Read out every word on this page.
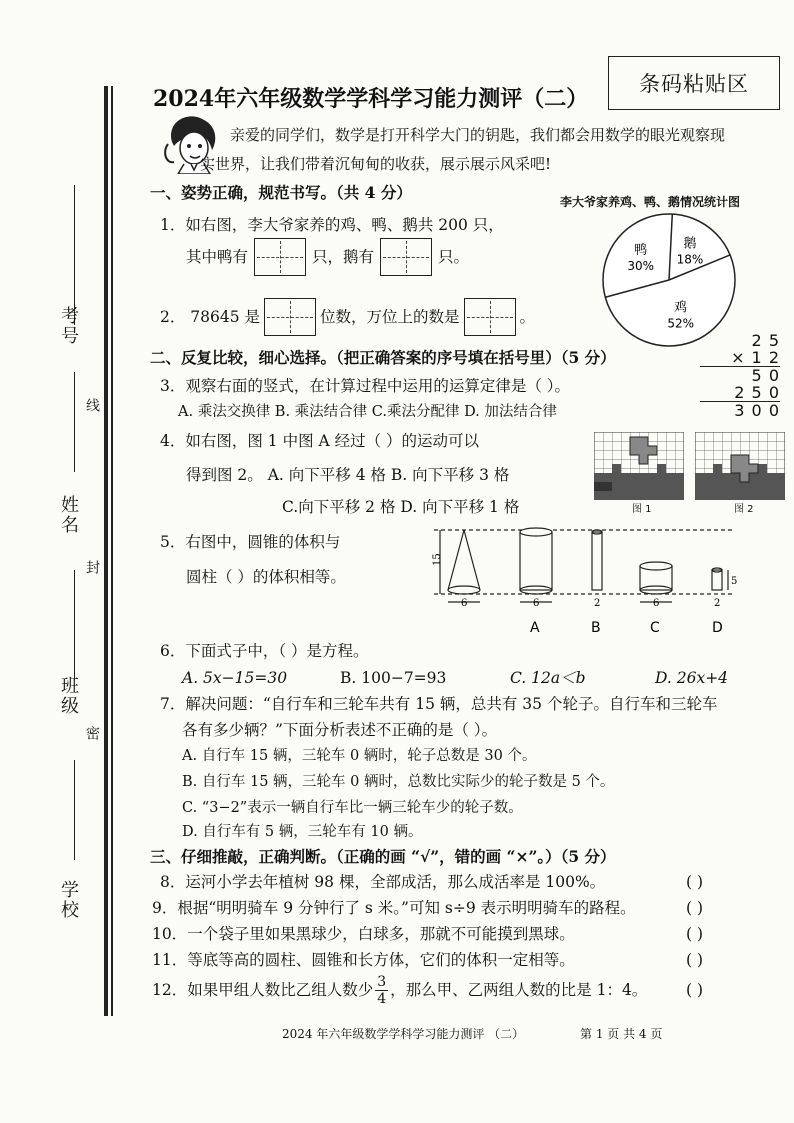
考号
姓名
班级
学校
线
封
密
2024年六年级数学学科学习能力测评（二）
条码粘贴区
亲爱的同学们，数学是打开科学大门的钥匙，我们都会用数学的眼光观察现
实世界，让我们带着沉甸甸的收获，展示展示风采吧!
一、姿势正确，规范书写。（共 4 分）
1．如右图，李大爷家养的鸡、鸭、鹅共 200 只，
其中鸭有	只，鹅有	只。
2． 78645 是	位数，万位上的数是	。
李大爷家养鸡、鸭、鹅情况统计图
鸭
30%
鹅
18%
鸡
52%
2 5
× 1 2
5 0
2 5 0
3 0 0
二、反复比较，细心选择。（把正确答案的序号填在括号里）（5 分）
3．观察右面的竖式，在计算过程中运用的运算定律是（ ）。
A. 乘法交换律 B. 乘法结合律 C.乘法分配律 D. 加法结合律
4．如右图，图 1 中图 A 经过（ ）的运动可以
得到图 2。 A. 向下平移 4 格 B. 向下平移 3 格
C.向下平移 2 格 D. 向下平移 1 格	图 1	图 2
5．右图中，圆锥的体积与
圆柱（ ）的体积相等。
15
6	6	2	6	2
5
A	B	C	D
6．下面式子中，（ ）是方程。
A. 5x−15=30	B. 100−7=93	C. 12a＜b	D. 26x+4
7．解决问题：“自行车和三轮车共有 15 辆，总共有 35 个轮子。自行车和三轮车
各有多少辆？”下面分析表述不正确的是（ ）。
A. 自行车 15 辆，三轮车 0 辆时，轮子总数是 30 个。
B. 自行车 15 辆，三轮车 0 辆时，总数比实际少的轮子数是 5 个。
C. “3−2”表示一辆自行车比一辆三轮车少的轮子数。
D. 自行车有 5 辆，三轮车有 10 辆。
三、仔细推敲，正确判断。（正确的画 “√”，错的画 “×”。）（5 分）
8．运河小学去年植树 98 棵，全部成活，那么成活率是 100%。
9．根据“明明骑车 9 分钟行了 s 米。”可知 s÷9 表示明明骑车的路程。
10．一个袋子里如果黑球少，白球多，那就不可能摸到黑球。
11．等底等高的圆柱、圆锥和长方体，它们的体积一定相等。
12．如果甲组人数比乙组人数少 $\frac{3}{4}$ ，那么甲、乙两组人数的比是 1：4。
( )
( )
( )
( )
( )
2024 年六年级数学学科学习能力测评 （二）	第 1 页 共 4 页
